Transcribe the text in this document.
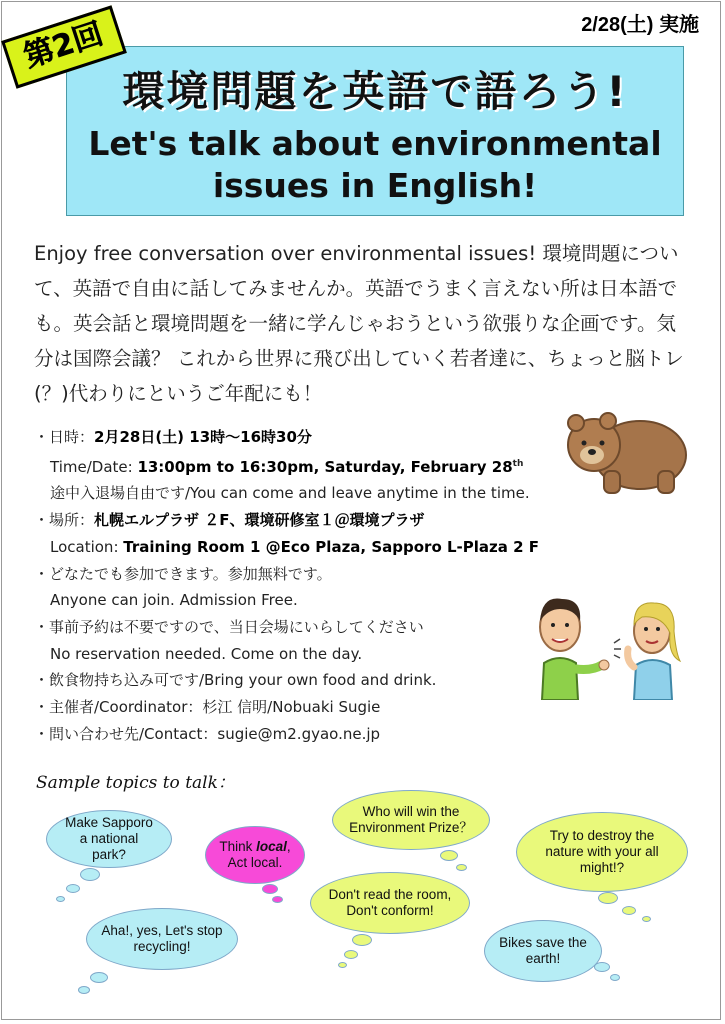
2/28(土) 実施
第2回
環境問題を英語で語ろう!
Let's talk about environmental
issues in English!
Enjoy free conversation over environmental issues! 環境問題について、英語で自由に話してみませんか。英語でうまく言えない所は日本語でも。英会話と環境問題を一緒に学んじゃおうという欲張りな企画です。気分は国際会議？ これから世界に飛び出していく若者達に、ちょっと脳トレ(？)代わりにというご年配にも！
・日時：2月28日(土) 13時～16時30分
Time/Date: 13:00pm to 16:30pm, Saturday, February 28th
途中入退場自由です/You can come and leave anytime in the time.
・場所：札幌エルプラザ ２F、環境研修室１＠環境プラザ
Location: Training Room 1 @Eco Plaza, Sapporo L-Plaza 2 F
・どなたでも参加できます。参加無料です。
Anyone can join. Admission Free.
・事前予約は不要ですので、当日会場にいらしてください
No reservation needed. Come on the day.
・飲食物持ち込み可です/Bring your own food and drink.
・主催者/Coordinator：杉江 信明/Nobuaki Sugie
・問い合わせ先/Contact：sugie@m2.gyao.ne.jp
Sample topics to talk：
Make Sapporo a national park?
Think local, Act local.
Who will win the Environment Prize？
Try to destroy the nature with your all might!?
Don't read the room, Don't conform!
Aha!, yes, Let's stop recycling!	Bikes save the earth!
